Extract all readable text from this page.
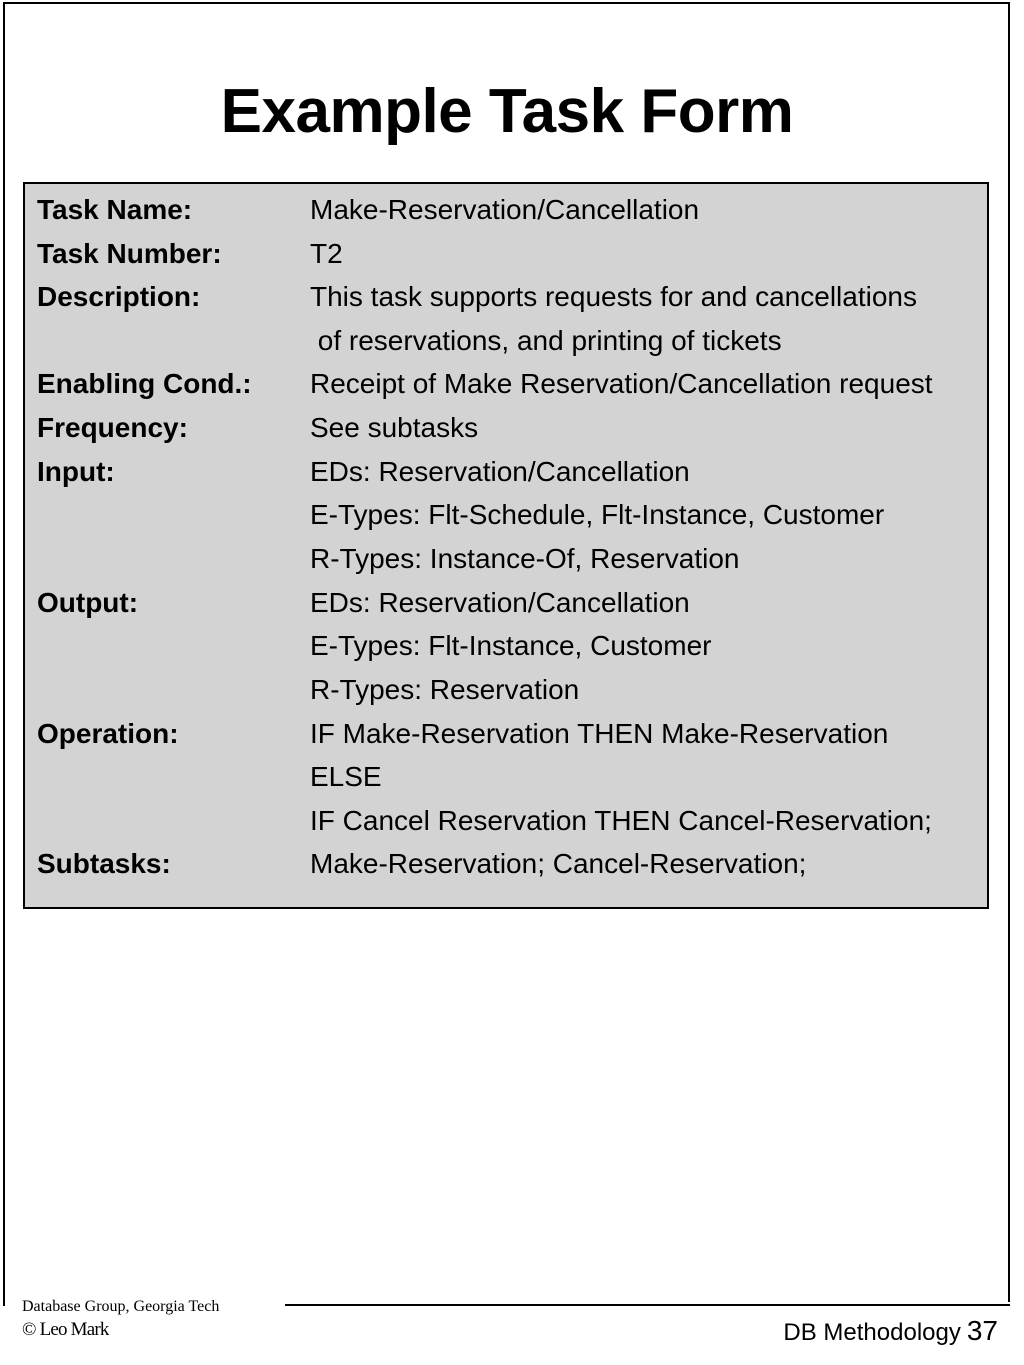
Example Task Form
Task Name:	Make-Reservation/Cancellation
Task Number:	T2
Description:	This task supports requests for and cancellations
of reservations, and printing of tickets
Enabling Cond.: Receipt of Make Reservation/Cancellation request
Frequency:	See subtasks
Input:	EDs: Reservation/Cancellation
E-Types: Flt-Schedule, Flt-Instance, Customer
R-Types: Instance-Of, Reservation
Output:	EDs: Reservation/Cancellation
E-Types: Flt-Instance, Customer
R-Types: Reservation
Operation:	IF Make-Reservation THEN Make-Reservation
ELSE
IF Cancel Reservation THEN Cancel-Reservation;
Subtasks:	Make-Reservation; Cancel-Reservation;
Database Group, Georgia Tech
© Leo Mark	DB Methodology 37
